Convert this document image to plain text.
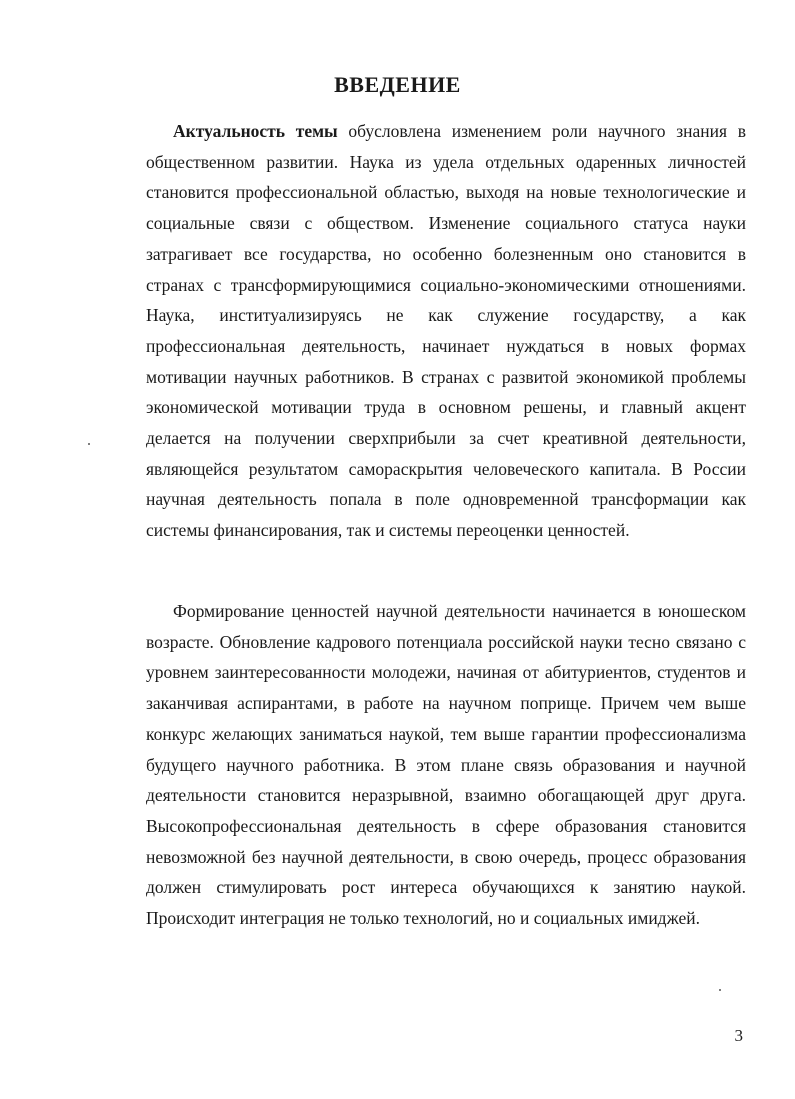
ВВЕДЕНИЕ

Актуальность темы обусловлена изменением роли научного знания в общественном развитии. Наука из удела отдельных одаренных личностей становится профессиональной областью, выходя на новые технологические и социальные связи с обществом. Изменение социального статуса науки затрагивает все государства, но особенно болезненным оно становится в странах с трансформирующимися социально-экономическими отношениями. Наука, институализируясь не как служение государству, а как профессиональная деятельность, начинает нуждаться в новых формах мотивации научных работников. В странах с развитой экономикой проблемы экономической мотивации труда в основном решены, и главный акцент делается на получении сверхприбыли за счет креативной деятельности, являющейся результатом самораскрытия человеческого капитала. В России научная деятельность попала в поле одновременной трансформации как системы финансирования, так и системы переоценки ценностей.

Формирование ценностей научной деятельности начинается в юношеском возрасте. Обновление кадрового потенциала российской науки тесно связано с уровнем заинтересованности молодежи, начиная от абитуриентов, студентов и заканчивая аспирантами, в работе на научном поприще. Причем чем выше конкурс желающих заниматься наукой, тем выше гарантии профессионализма будущего научного работника. В этом плане связь образования и научной деятельности становится неразрывной, взаимно обогащающей друг друга. Высокопрофессиональная деятельность в сфере образования становится невозможной без научной деятельности, в свою очередь, процесс образования должен стимулировать рост интереса обучающихся к занятию наукой. Происходит интеграция не только технологий, но и социальных имиджей.

3
